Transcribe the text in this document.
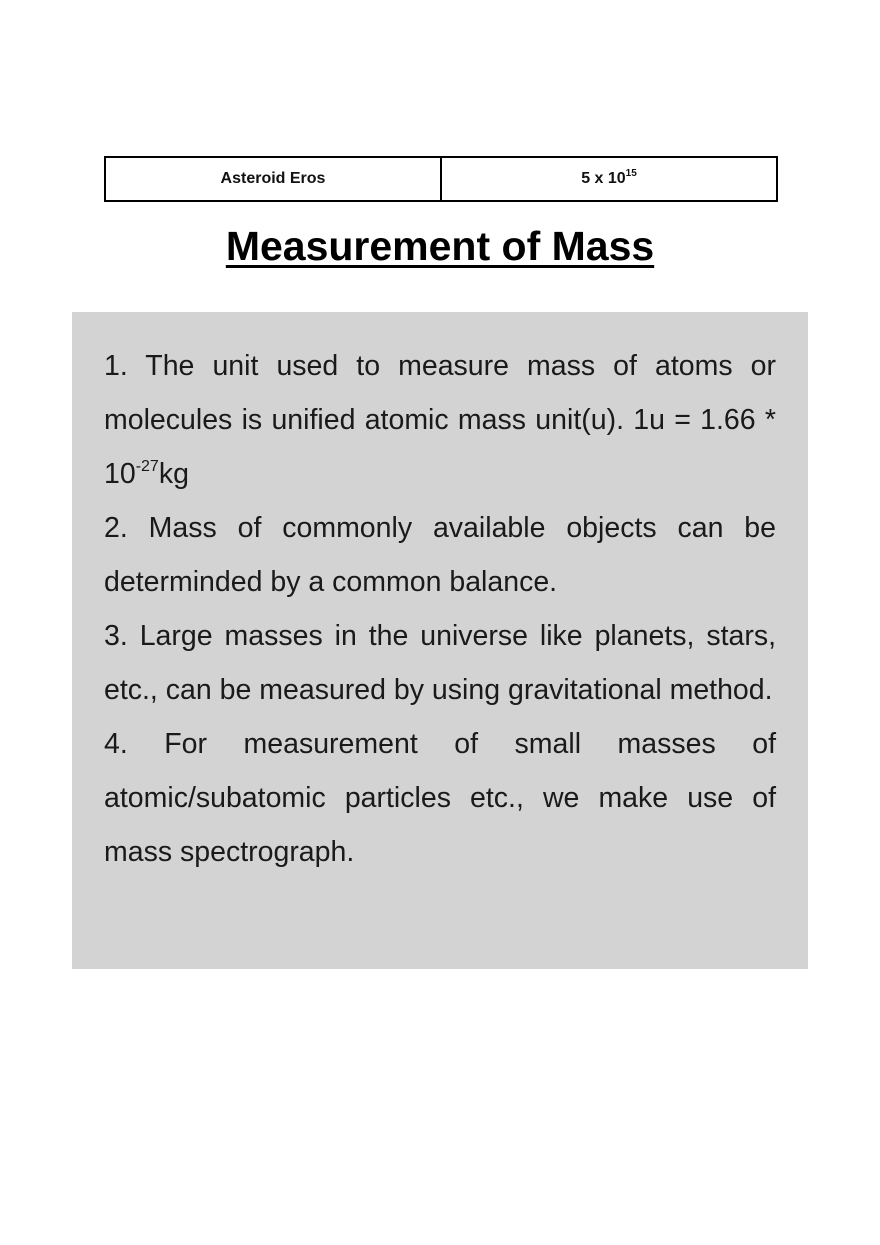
Asteroid Eros	5 x $10^{15}$
Measurement of Mass

1. The unit used to measure mass of atoms or molecules is unified atomic mass unit(u). $1u = 1.66 * 10^{-27}kg$

2. Mass of commonly available objects can be determinded by a common balance.

3. Large masses in the universe like planets, stars, etc., can be measured by using gravitational method.

4. For measurement of small masses of atomic/subatomic particles etc., we make use of mass spectrograph.
